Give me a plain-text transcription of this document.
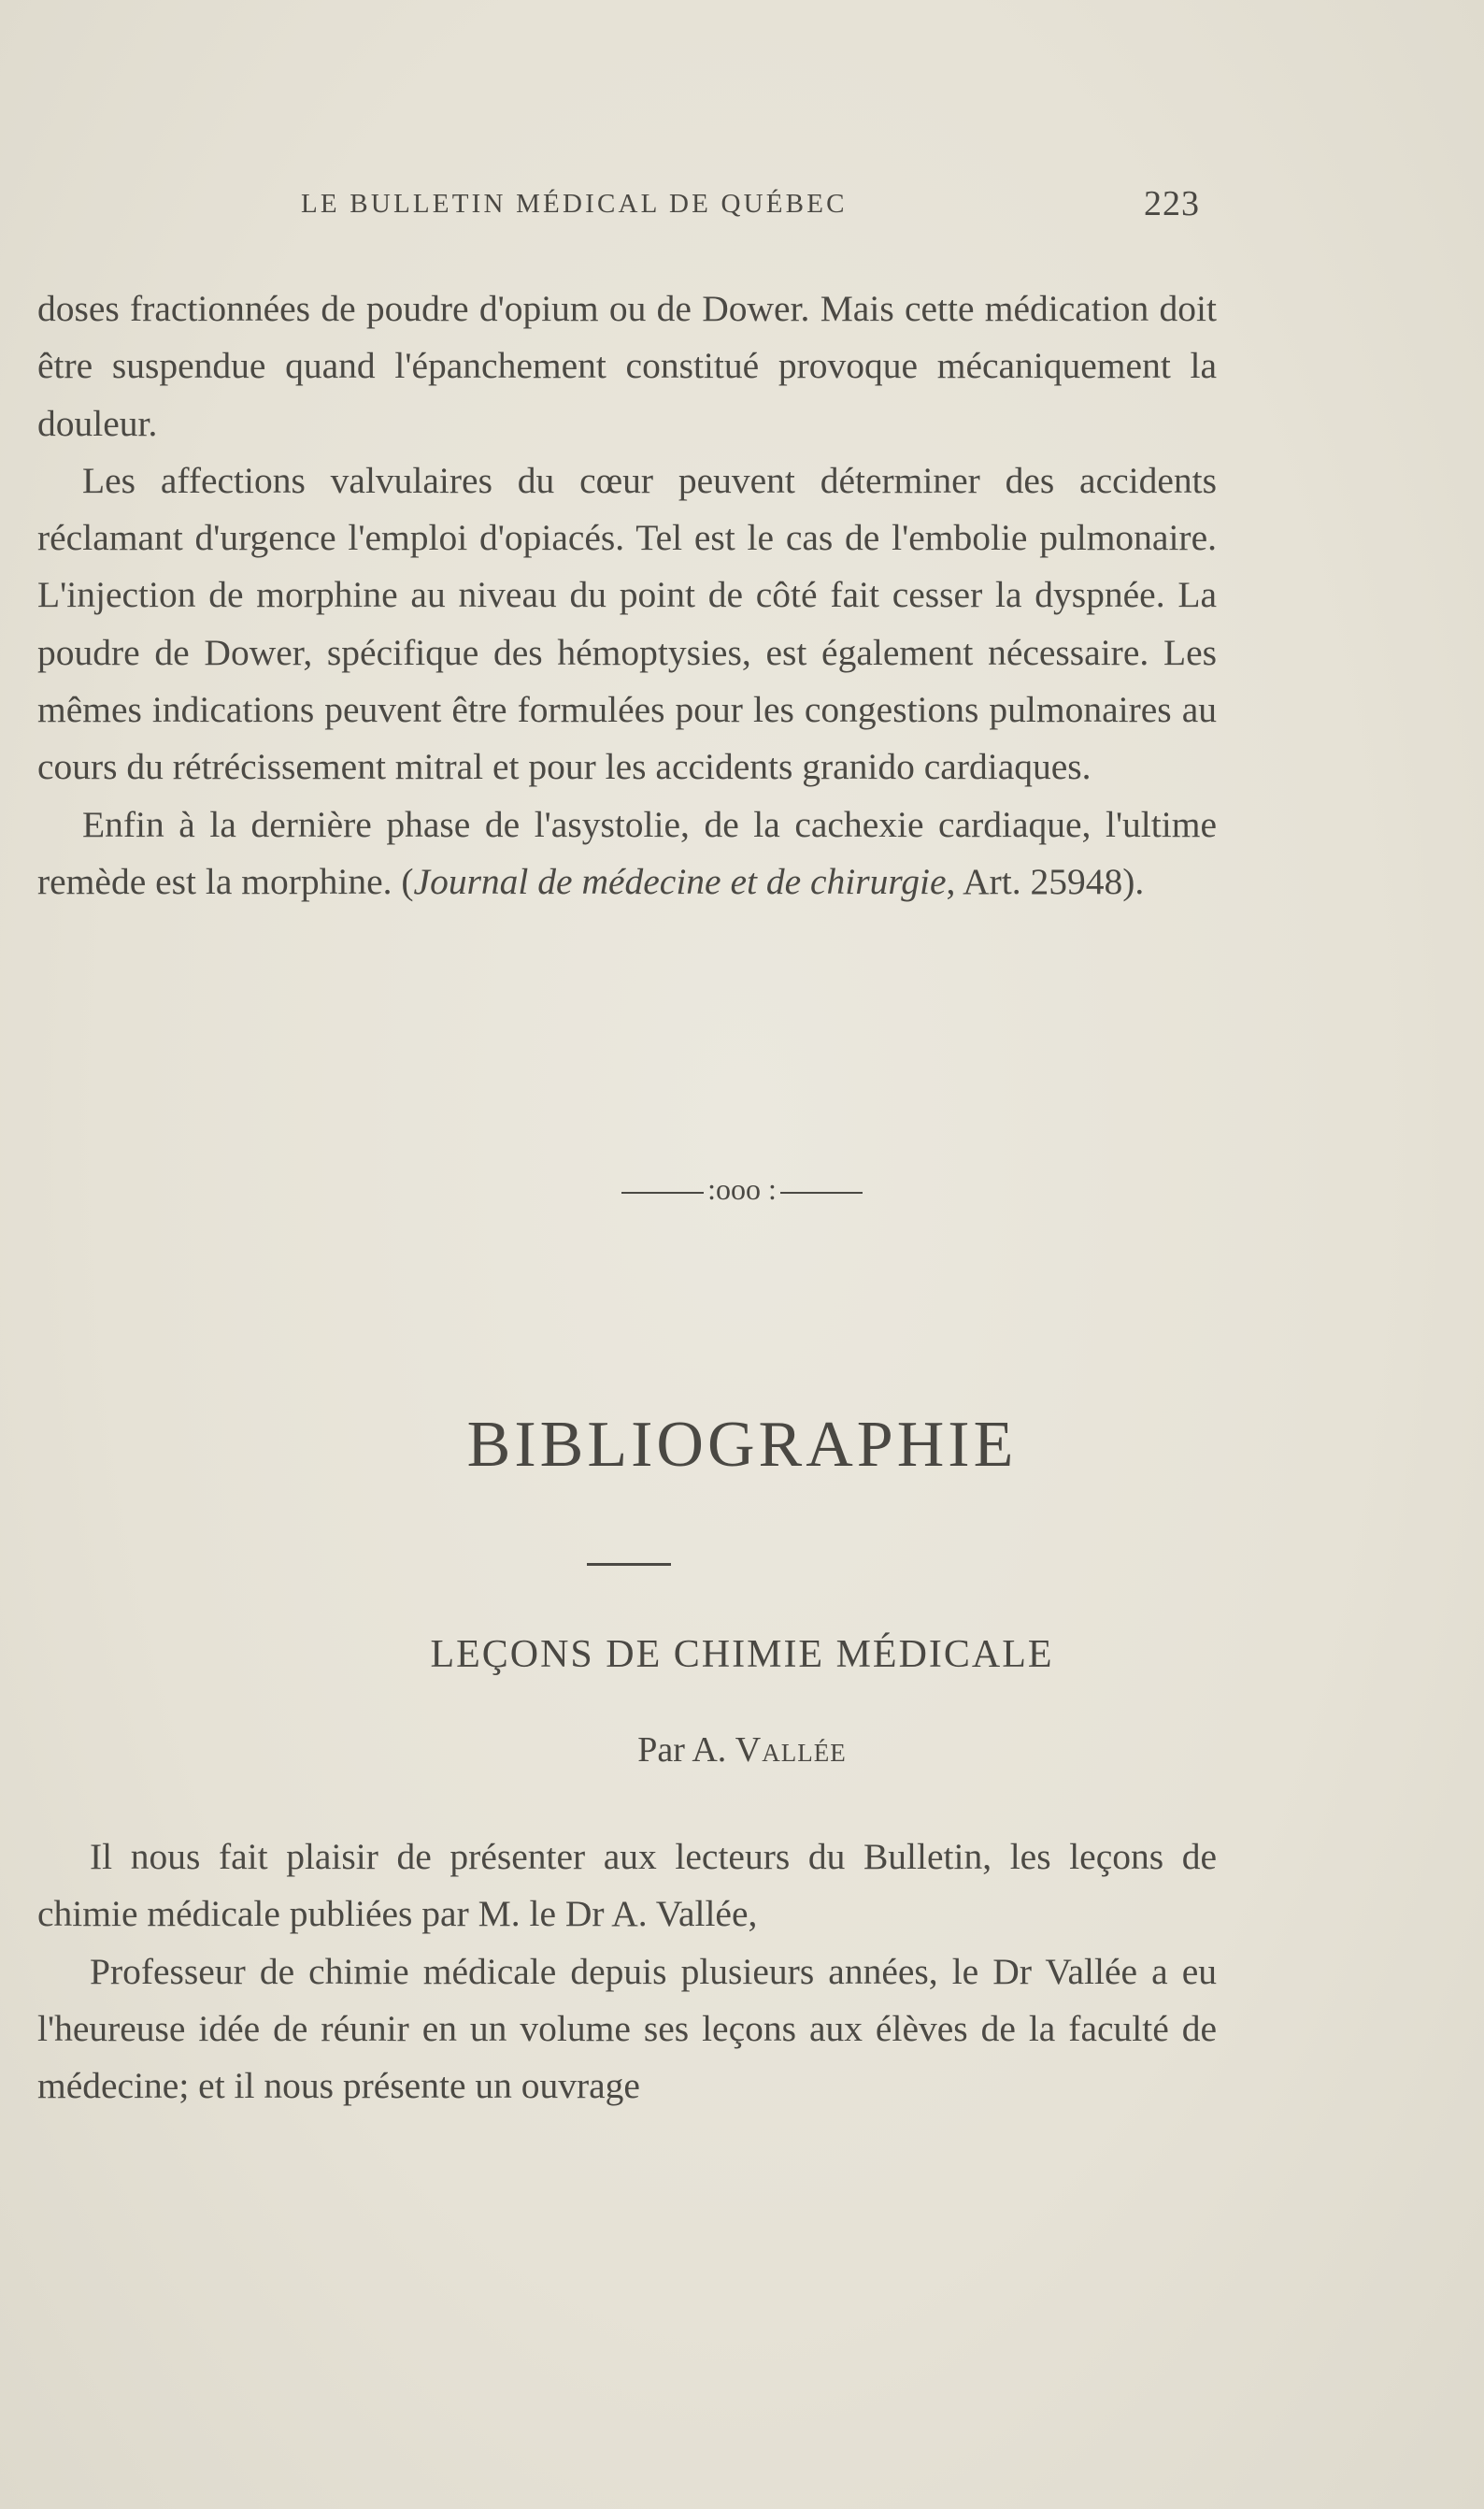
LE BULLETIN MÉDICAL DE QUÉBEC	223

doses fractionnées de poudre d'opium ou de Dower. Mais cette médication doit être suspendue quand l'épanchement constitué provoque mécaniquement la douleur.

Les affections valvulaires du cœur peuvent déterminer des accidents réclamant d'urgence l'emploi d'opiacés. Tel est le cas de l'embolie pulmonaire. L'injection de morphine au niveau du point de côté fait cesser la dyspnée. La poudre de Dower, spécifique des hémoptysies, est également nécessaire. Les mêmes indications peuvent être formulées pour les congestions pulmonaires au cours du rétrécissement mitral et pour les accidents granido cardiaques.

Enfin à la dernière phase de l'asystolie, de la cachexie cardiaque, l'ultime remède est la morphine. (Journal de médecine et de chirurgie, Art. 25948).

:ooo :
BIBLIOGRAPHIE
LEÇONS DE CHIMIE MÉDICALE
Par A. Vallée

Il nous fait plaisir de présenter aux lecteurs du Bulletin, les leçons de chimie médicale publiées par M. le Dr A. Vallée,

Professeur de chimie médicale depuis plusieurs années, le Dr Vallée a eu l'heureuse idée de réunir en un volume ses leçons aux élèves de la faculté de médecine; et il nous présente un ouvrage
